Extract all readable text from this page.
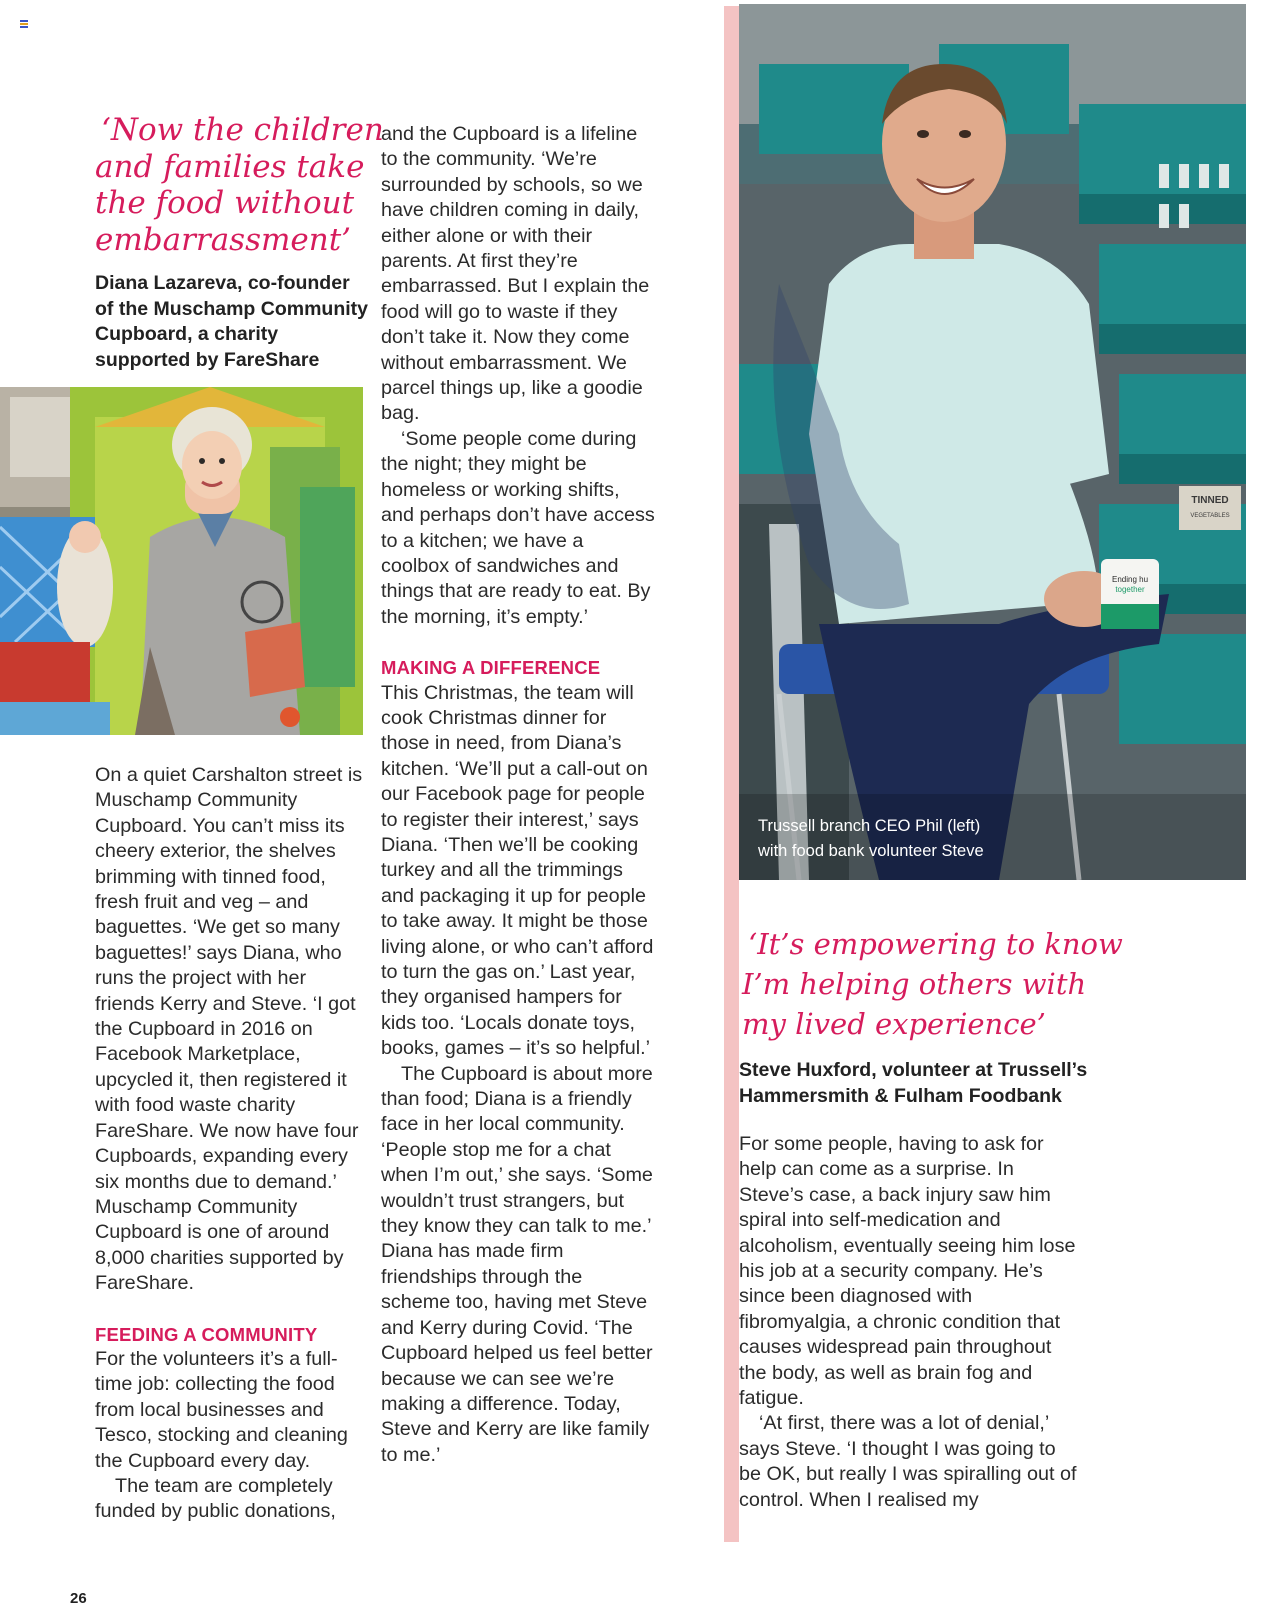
‘Now the children
and families take
the food without
embarrassment’
Diana Lazareva, co-founder
of the Muschamp Community
Cupboard, a charity
supported by FareShare

On a quiet Carshalton street is Muschamp Community Cupboard. You can’t miss its cheery exterior, the shelves brimming with tinned food, fresh fruit and veg – and baguettes. ‘We get so many baguettes!’ says Diana, who runs the project with her friends Kerry and Steve. ‘I got the Cupboard in 2016 on Facebook Marketplace, upcycled it, then registered it with food waste charity FareShare. We now have four Cupboards, expanding every six months due to demand.’ Muschamp Community Cupboard is one of around 8,000 charities supported by FareShare.

FEEDING A COMMUNITY

For the volunteers it’s a full-time job: collecting the food from local businesses and Tesco, stocking and cleaning the Cupboard every day.

The team are completely funded by public donations,

and the Cupboard is a lifeline to the community. ‘We’re surrounded by schools, so we have children coming in daily, either alone or with their parents. At first they’re embarrassed. But I explain the food will go to waste if they don’t take it. Now they come without embarrassment. We parcel things up, like a goodie bag.

‘Some people come during the night; they might be homeless or working shifts, and perhaps don’t have access to a kitchen; we have a coolbox of sandwiches and things that are ready to eat. By the morning, it’s empty.’

MAKING A DIFFERENCE

This Christmas, the team will cook Christmas dinner for those in need, from Diana’s kitchen. ‘We’ll put a call-out on our Facebook page for people to register their interest,’ says Diana. ‘Then we’ll be cooking turkey and all the trimmings and packaging it up for people to take away. It might be those living alone, or who can’t afford to turn the gas on.’ Last year, they organised hampers for kids too. ‘Locals donate toys, books, games – it’s so helpful.’

The Cupboard is about more than food; Diana is a friendly face in her local community. ‘People stop me for a chat when I’m out,’ she says. ‘Some wouldn’t trust strangers, but they know they can talk to me.’ Diana has made firm friendships through the scheme too, having met Steve and Kerry during Covid. ‘The Cupboard helped us feel better because we can see we’re making a difference. Today, Steve and Kerry are like family to me.’

TINNED
VEGETABLES
Ending hu
together
Trussell branch CEO Phil (left)
with food bank volunteer Steve
‘It’s empowering to know
I’m helping others with
my lived experience’
Steve Huxford, volunteer at Trussell’s
Hammersmith & Fulham Foodbank

For some people, having to ask for help can come as a surprise. In Steve’s case, a back injury saw him spiral into self-medication and alcoholism, eventually seeing him lose his job at a security company. He’s since been diagnosed with fibromyalgia, a chronic condition that causes widespread pain throughout the body, as well as brain fog and fatigue.

‘At first, there was a lot of denial,’ says Steve. ‘I thought I was going to be OK, but really I was spiralling out of control. When I realised my

26
